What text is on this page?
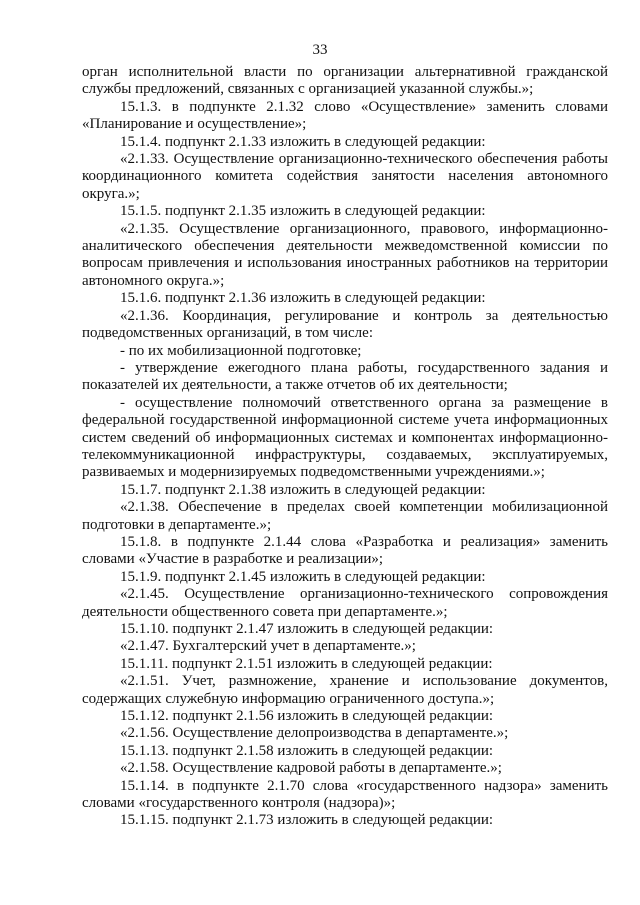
33

орган исполнительной власти по организации альтернативной гражданской службы предложений, связанных с организацией указанной службы.»;

15.1.3. в подпункте 2.1.32 слово «Осуществление» заменить словами «Планирование и осуществление»;

15.1.4. подпункт 2.1.33 изложить в следующей редакции:

«2.1.33. Осуществление организационно-технического обеспечения работы координационного комитета содействия занятости населения автономного округа.»;

15.1.5. подпункт 2.1.35 изложить в следующей редакции:

«2.1.35. Осуществление организационного, правового, информационно-аналитического обеспечения деятельности межведомственной комиссии по вопросам привлечения и использования иностранных работников на территории автономного округа.»;

15.1.6. подпункт 2.1.36 изложить в следующей редакции:

«2.1.36. Координация, регулирование и контроль за деятельностью подведомственных организаций, в том числе:

- по их мобилизационной подготовке;

- утверждение ежегодного плана работы, государственного задания и показателей их деятельности, а также отчетов об их деятельности;

- осуществление полномочий ответственного органа за размещение в федеральной государственной информационной системе учета информационных систем сведений об информационных системах и компонентах информационно-телекоммуникационной инфраструктуры, создаваемых, эксплуатируемых, развиваемых и модернизируемых подведомственными учреждениями.»;

15.1.7. подпункт 2.1.38 изложить в следующей редакции:

«2.1.38. Обеспечение в пределах своей компетенции мобилизационной подготовки в департаменте.»;

15.1.8. в подпункте 2.1.44 слова «Разработка и реализация» заменить словами «Участие в разработке и реализации»;

15.1.9. подпункт 2.1.45 изложить в следующей редакции:

«2.1.45. Осуществление организационно-технического сопровождения деятельности общественного совета при департаменте.»;

15.1.10. подпункт 2.1.47 изложить в следующей редакции:

«2.1.47. Бухгалтерский учет в департаменте.»;

15.1.11. подпункт 2.1.51 изложить в следующей редакции:

«2.1.51. Учет, размножение, хранение и использование документов, содержащих служебную информацию ограниченного доступа.»;

15.1.12. подпункт 2.1.56 изложить в следующей редакции:

«2.1.56. Осуществление делопроизводства в департаменте.»;

15.1.13. подпункт 2.1.58 изложить в следующей редакции:

«2.1.58. Осуществление кадровой работы в департаменте.»;

15.1.14. в подпункте 2.1.70 слова «государственного надзора» заменить словами «государственного контроля (надзора)»;

15.1.15. подпункт 2.1.73 изложить в следующей редакции:
